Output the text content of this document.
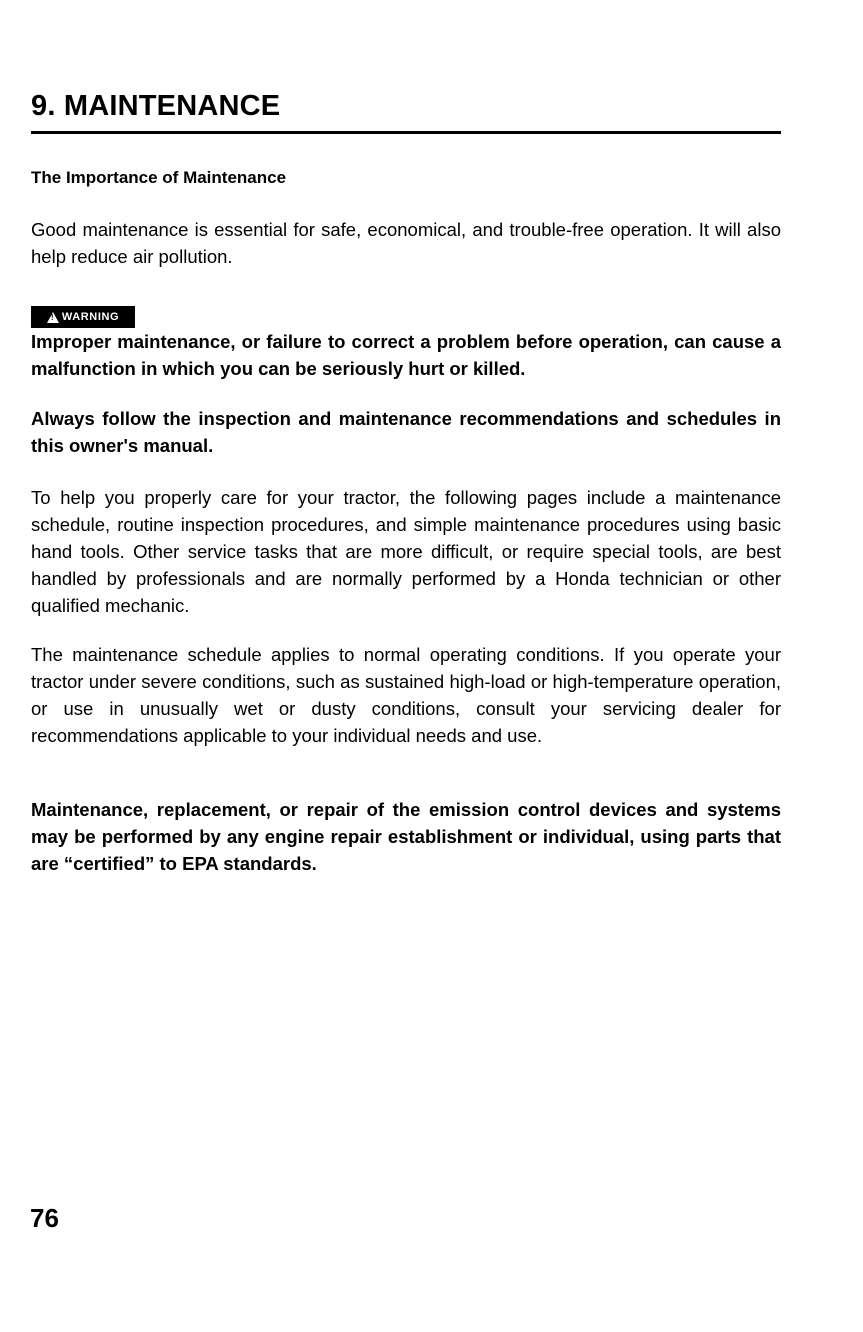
9. MAINTENANCE
The Importance of Maintenance

Good maintenance is essential for safe, economical, and trouble-free operation. It will also help reduce air pollution.

!
WARNING

Improper maintenance, or failure to correct a problem before operation, can cause a malfunction in which you can be seriously hurt or killed.

Always follow the inspection and maintenance recommendations and schedules in this owner's manual.

To help you properly care for your tractor, the following pages include a maintenance schedule, routine inspection procedures, and simple maintenance procedures using basic hand tools. Other service tasks that are more difficult, or require special tools, are best handled by professionals and are normally performed by a Honda technician or other qualified mechanic.

The maintenance schedule applies to normal operating conditions. If you operate your tractor under severe conditions, such as sustained high-load or high-temperature operation, or use in unusually wet or dusty conditions, consult your servicing dealer for recommendations applicable to your individual needs and use.

Maintenance, replacement, or repair of the emission control devices and systems may be performed by any engine repair establishment or individual, using parts that are “certified” to EPA standards.

76
